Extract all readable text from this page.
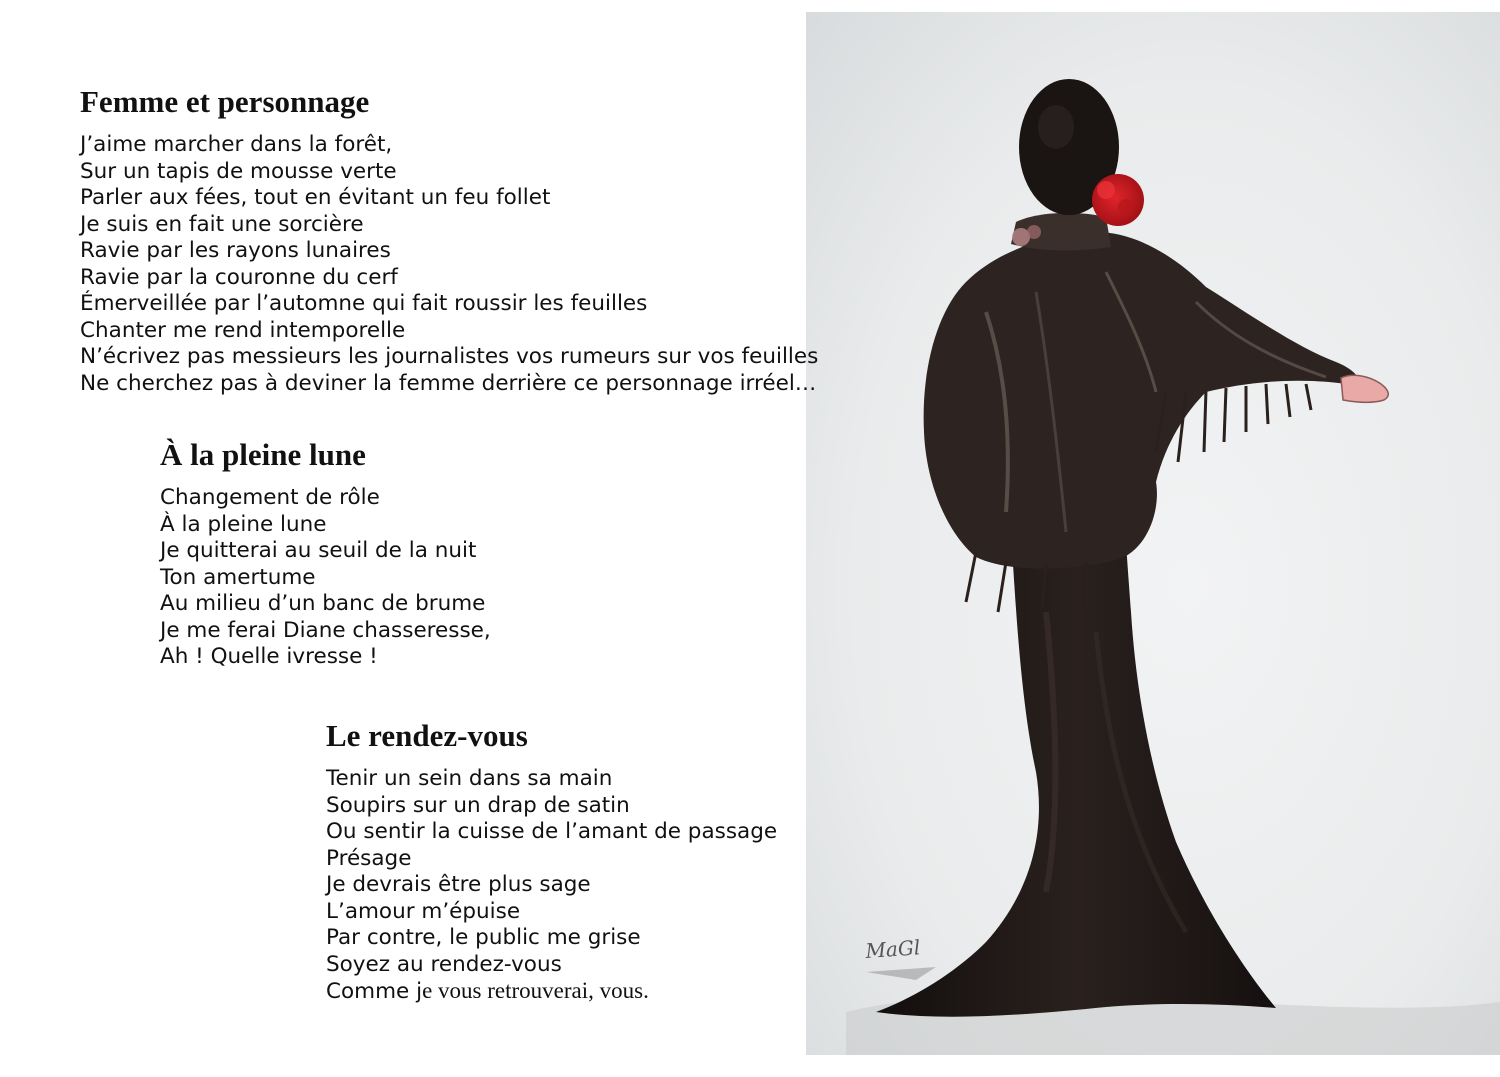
MaGl
Femme et personnage
J’aime marcher dans la forêt,
Sur un tapis de mousse verte
Parler aux fées, tout en évitant un feu follet
Je suis en fait une sorcière
Ravie par les rayons lunaires
Ravie par la couronne du cerf
Émerveillée par l’automne qui fait roussir les feuilles
Chanter me rend intemporelle
N’écrivez pas messieurs les journalistes vos rumeurs sur vos feuilles
Ne cherchez pas à deviner la femme derrière ce personnage irréel…
À la pleine lune
Changement de rôle
À la pleine lune
Je quitterai au seuil de la nuit
Ton amertume
Au milieu d’un banc de brume
Je me ferai Diane chasseresse,
Ah ! Quelle ivresse !
Le rendez-vous
Tenir un sein dans sa main
Soupirs sur un drap de satin
Ou sentir la cuisse de l’amant de passage
Présage
Je devrais être plus sage
L’amour m’épuise
Par contre, le public me grise
Soyez au rendez-vous
Comme je vous retrouverai, vous.
